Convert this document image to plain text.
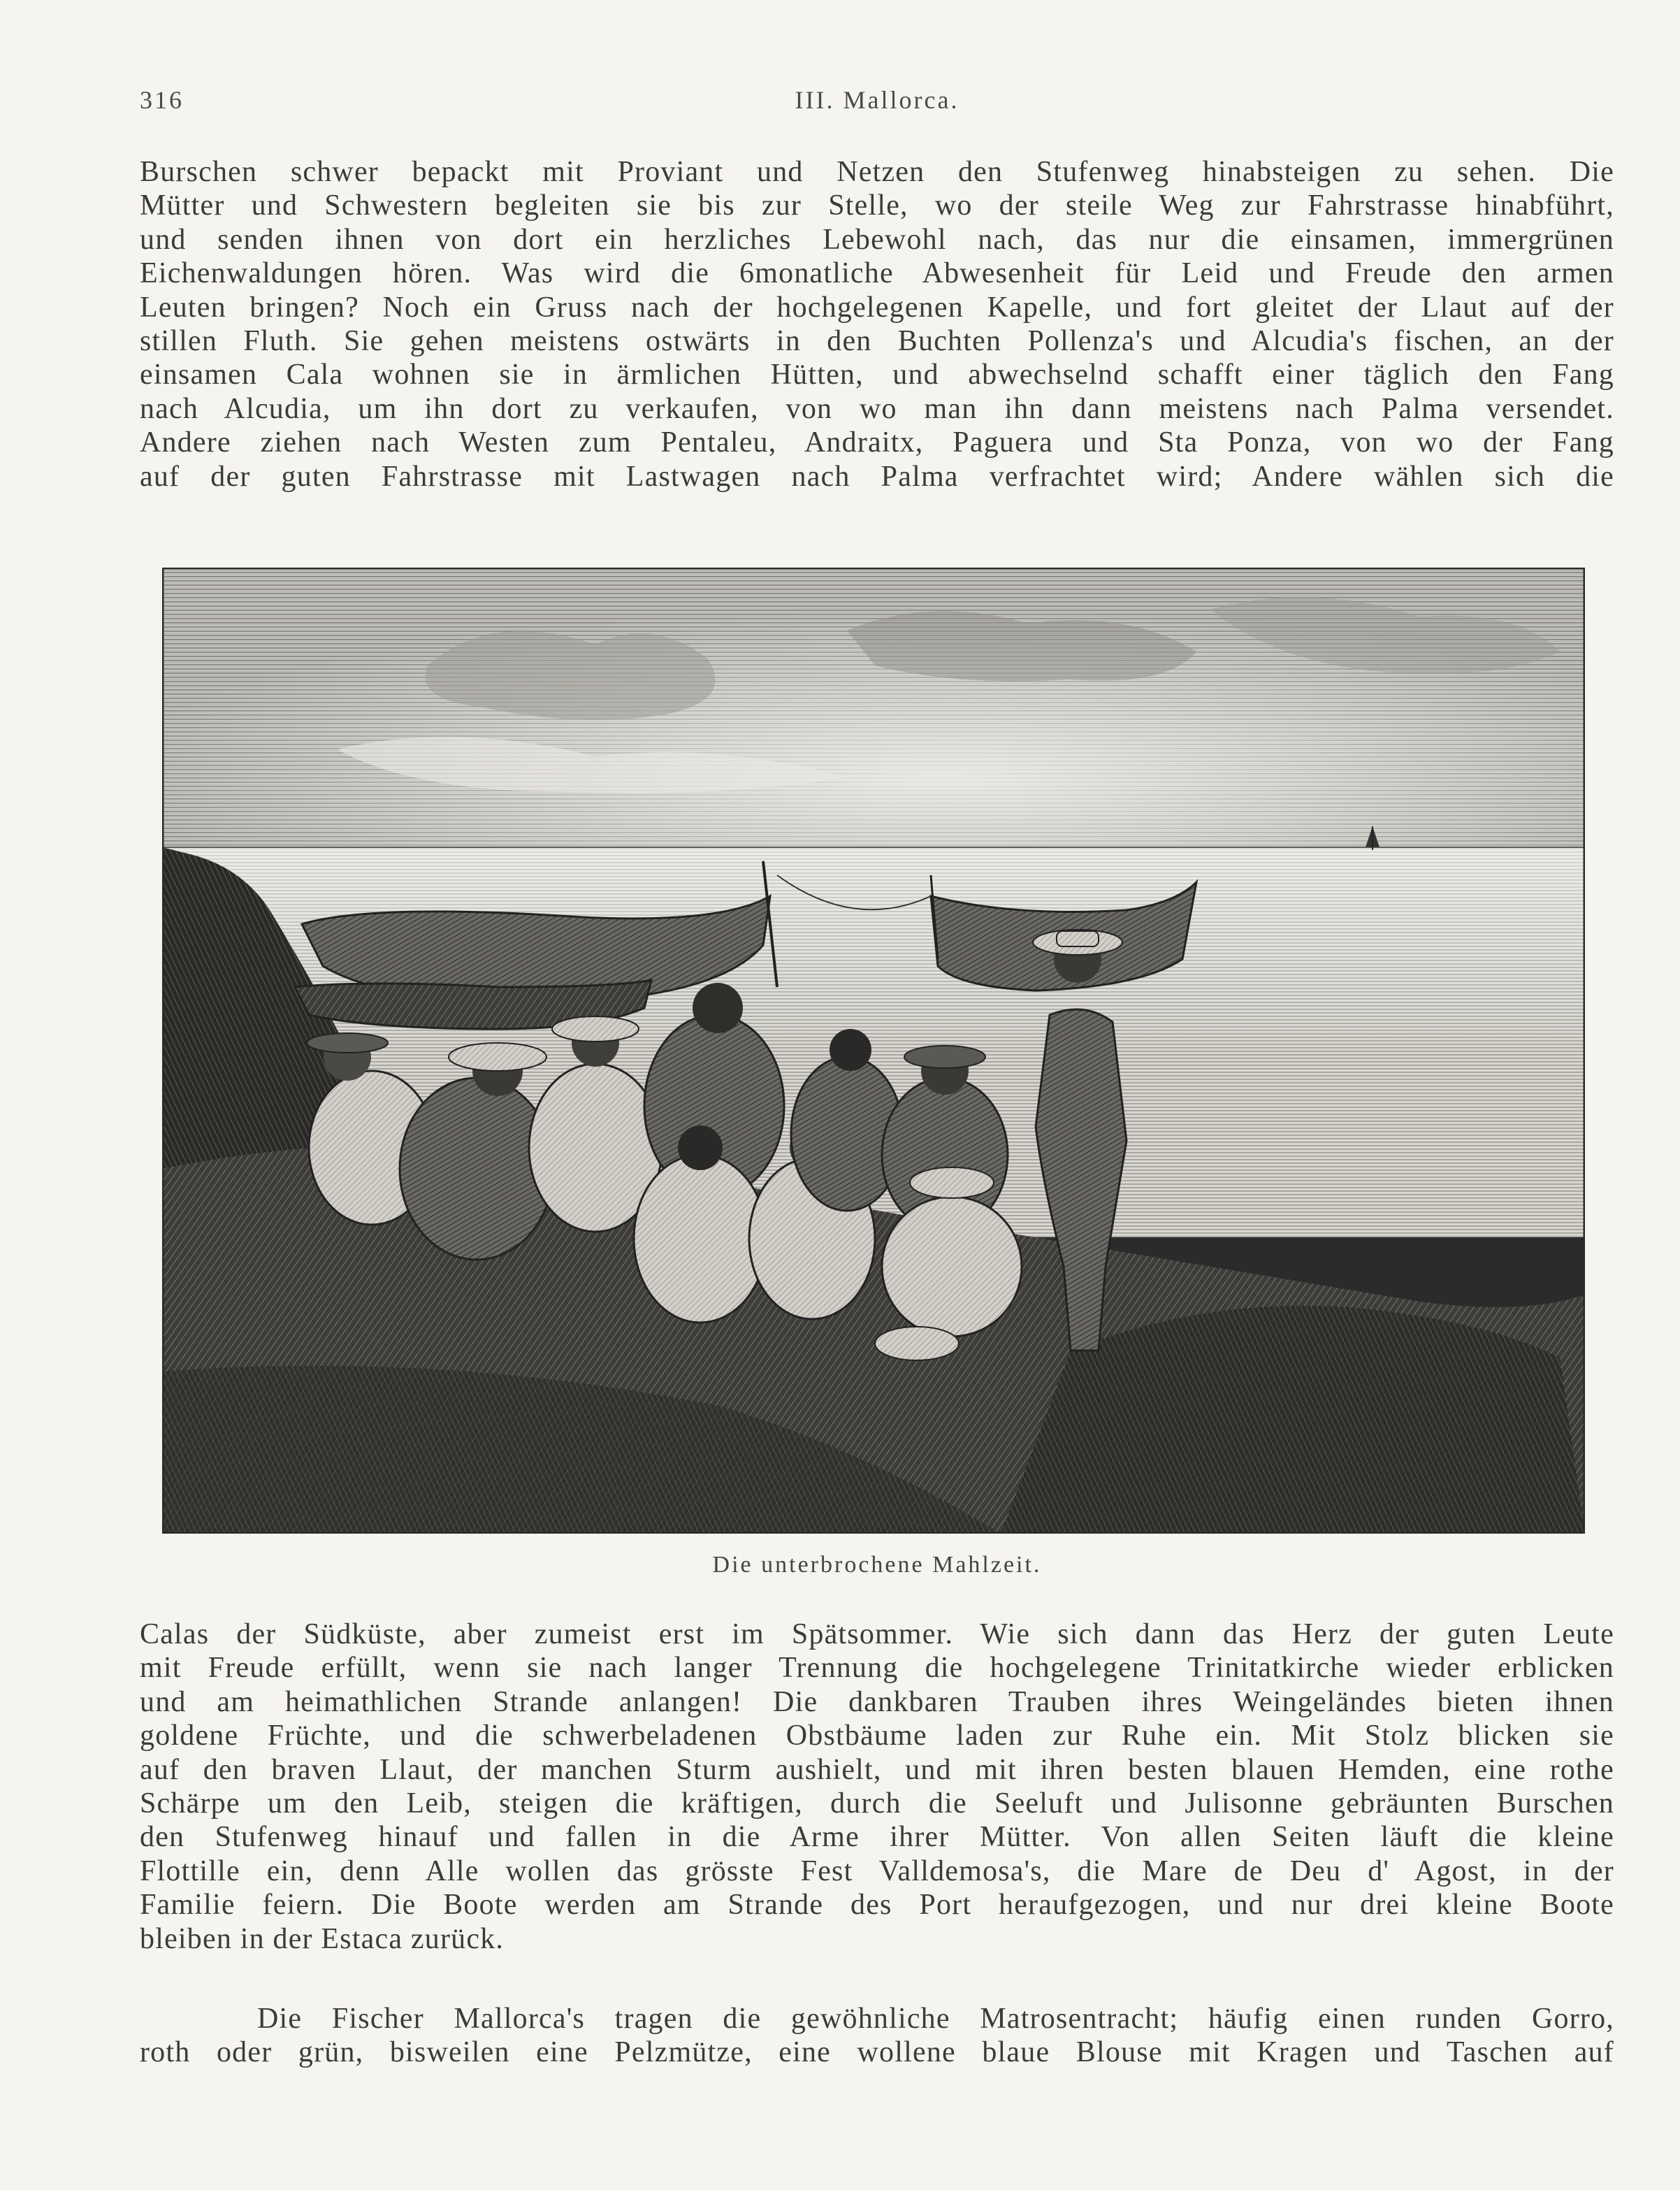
316	III. Mallorca.
Burschen schwer bepackt mit Proviant und Netzen den Stufenweg hinabsteigen zu sehen. Die
Mütter und Schwestern begleiten sie bis zur Stelle, wo der steile Weg zur Fahrstrasse hinabführt,
und senden ihnen von dort ein herzliches Lebewohl nach, das nur die einsamen, immergrünen
Eichenwaldungen hören. Was wird die 6monatliche Abwesenheit für Leid und Freude den armen
Leuten bringen? Noch ein Gruss nach der hochgelegenen Kapelle, und fort gleitet der Llaut auf der
stillen Fluth. Sie gehen meistens ostwärts in den Buchten Pollenza's und Alcudia's fischen, an der
einsamen Cala wohnen sie in ärmlichen Hütten, und abwechselnd schafft einer täglich den Fang
nach Alcudia, um ihn dort zu verkaufen, von wo man ihn dann meistens nach Palma versendet.
Andere ziehen nach Westen zum Pentaleu, Andraitx, Paguera und Sta Ponza, von wo der Fang
auf der guten Fahrstrasse mit Lastwagen nach Palma verfrachtet wird; Andere wählen sich die
Die unterbrochene Mahlzeit.
Calas der Südküste, aber zumeist erst im Spätsommer. Wie sich dann das Herz der guten Leute
mit Freude erfüllt, wenn sie nach langer Trennung die hochgelegene Trinitatkirche wieder erblicken
und am heimathlichen Strande anlangen! Die dankbaren Trauben ihres Weingeländes bieten ihnen
goldene Früchte, und die schwerbeladenen Obstbäume laden zur Ruhe ein. Mit Stolz blicken sie
auf den braven Llaut, der manchen Sturm aushielt, und mit ihren besten blauen Hemden, eine rothe
Schärpe um den Leib, steigen die kräftigen, durch die Seeluft und Julisonne gebräunten Burschen
den Stufenweg hinauf und fallen in die Arme ihrer Mütter. Von allen Seiten läuft die kleine
Flottille ein, denn Alle wollen das grösste Fest Valldemosa's, die Mare de Deu d' Agost, in der
Familie feiern. Die Boote werden am Strande des Port heraufgezogen, und nur drei kleine Boote
bleiben in der Estaca zurück.
Die Fischer Mallorca's tragen die gewöhnliche Matrosentracht; häufig einen runden Gorro,
roth oder grün, bisweilen eine Pelzmütze, eine wollene blaue Blouse mit Kragen und Taschen auf
